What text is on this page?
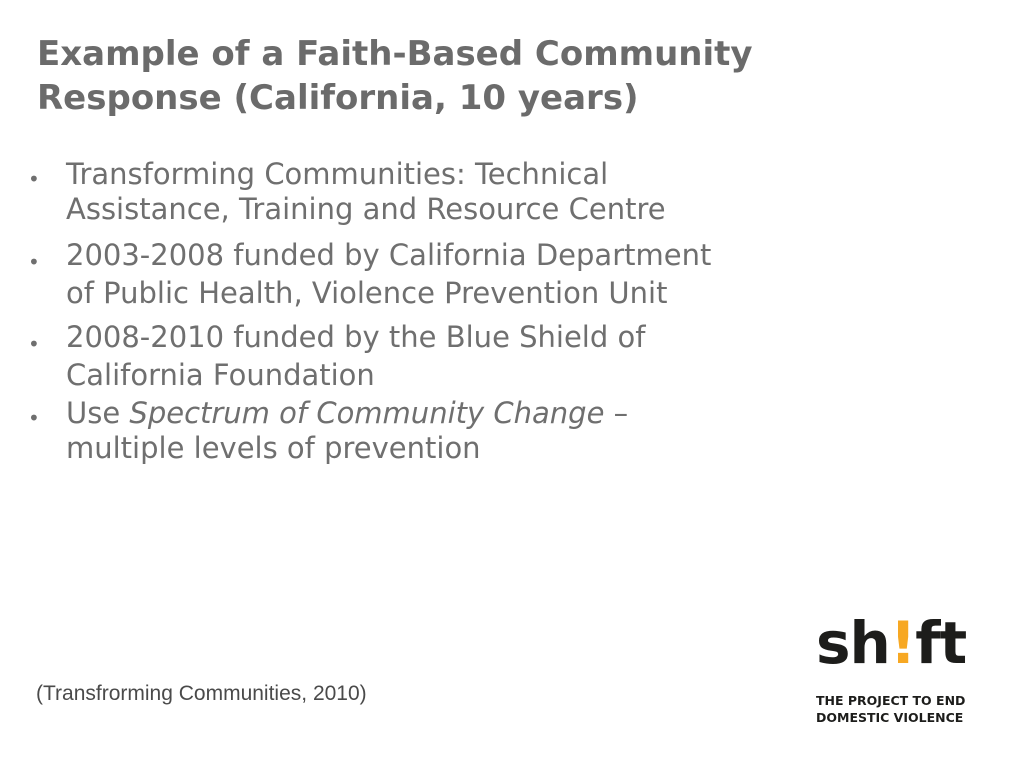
Example of a Faith-Based Community
Response (California, 10 years)
• Transforming Communities: Technical
Assistance, Training and Resource Centre
• 2003-2008 funded by California Department
of Public Health, Violence Prevention Unit
• 2008-2010 funded by the Blue Shield of
California Foundation
• Use Spectrum of Community Change –
multiple levels of prevention
(Transfrorming Communities, 2010)
sh!ft
THE PROJECT TO END
DOMESTIC VIOLENCE
